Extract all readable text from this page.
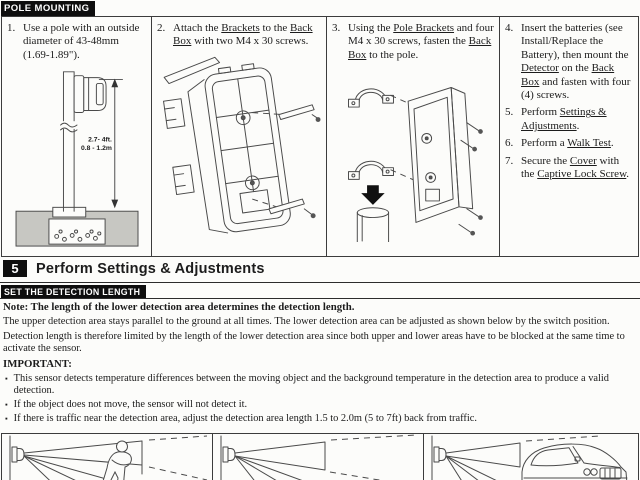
POLE MOUNTING
1. Use a pole with an outside diameter of 43-48mm (1.69-1.89").
2.7- 4ft.
0.8 - 1.2m
2. Attach the Brackets to the Back Box with two M4 x 30 screws.
3. Using the Pole Brackets and four M4 x 30 screws, fasten the Back Box to the pole.
4. Insert the batteries (see Install/Replace the Battery), then mount the Detector on the Back Box and fasten with four (4) screws.
5. Perform Settings & Adjustments.
6. Perform a Walk Test.
7. Secure the Cover with the Captive Lock Screw.
5	Perform Settings & Adjustments
SET THE DETECTION LENGTH

Note: The length of the lower detection area determines the detection length.

The upper detection area stays parallel to the ground at all times. The lower detection area can be adjusted as shown below by the switch position.

Detection length is therefore limited by the length of the lower detection area since both upper and lower areas have to be blocked at the same time to activate the sensor.

IMPORTANT:

▪ This sensor detects temperature differences between the moving object and the background temperature in the detection area to produce a valid detection.
▪ If the object does not move, the sensor will not detect it.
▪ If there is traffic near the detection area, adjust the detection area length 1.5 to 2.0m (5 to 7ft) back from traffic.
